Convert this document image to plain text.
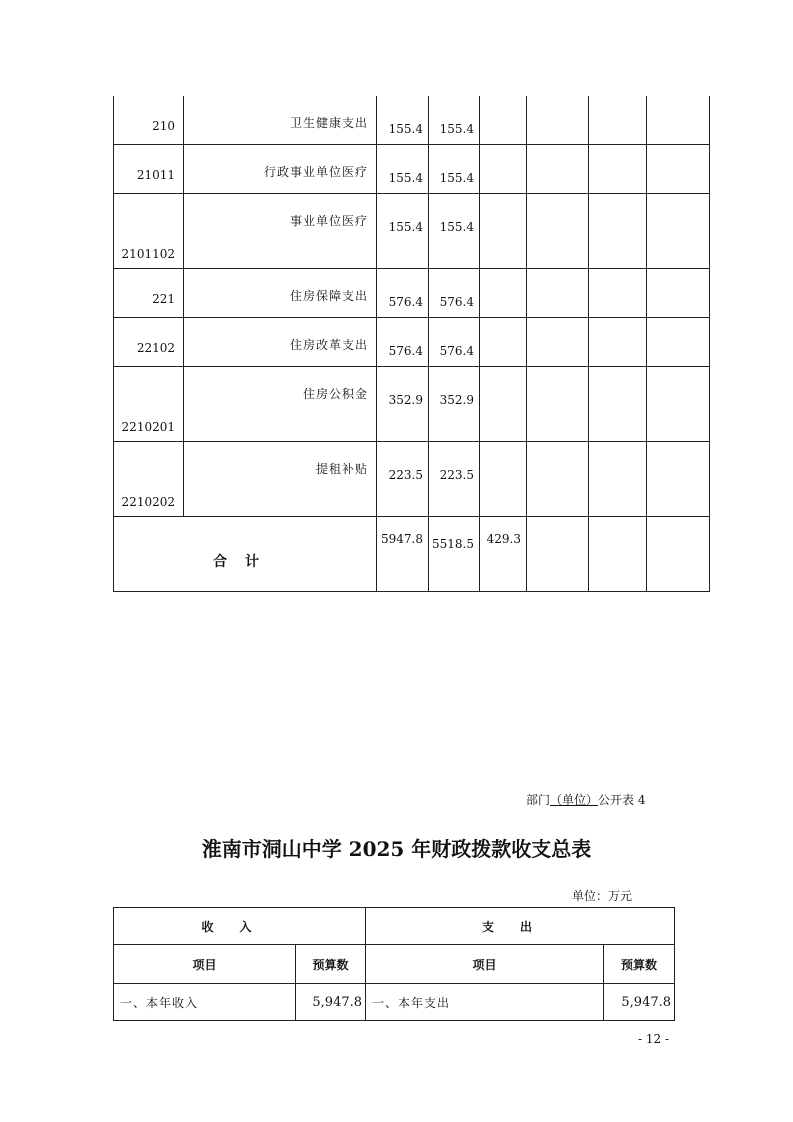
210	卫生健康支出	155.4	155.4				
21011	行政事业单位医疗	155.4	155.4				
2101102	事业单位医疗	155.4	155.4				
221	住房保障支出	576.4	576.4				
22102	住房改革支出	576.4	576.4				
2210201	住房公积金	352.9	352.9				
2210202	提租补贴	223.5	223.5				
合计		5947.8	5518.5	429.3			
部门（单位）公开表 4
淮南市洞山中学 2025 年财政拨款收支总表
单位：万元
收入		支出	
项目	预算数	项目	预算数
一、本年收入	5,947.8	一、本年支出	5,947.8
- 12 -
